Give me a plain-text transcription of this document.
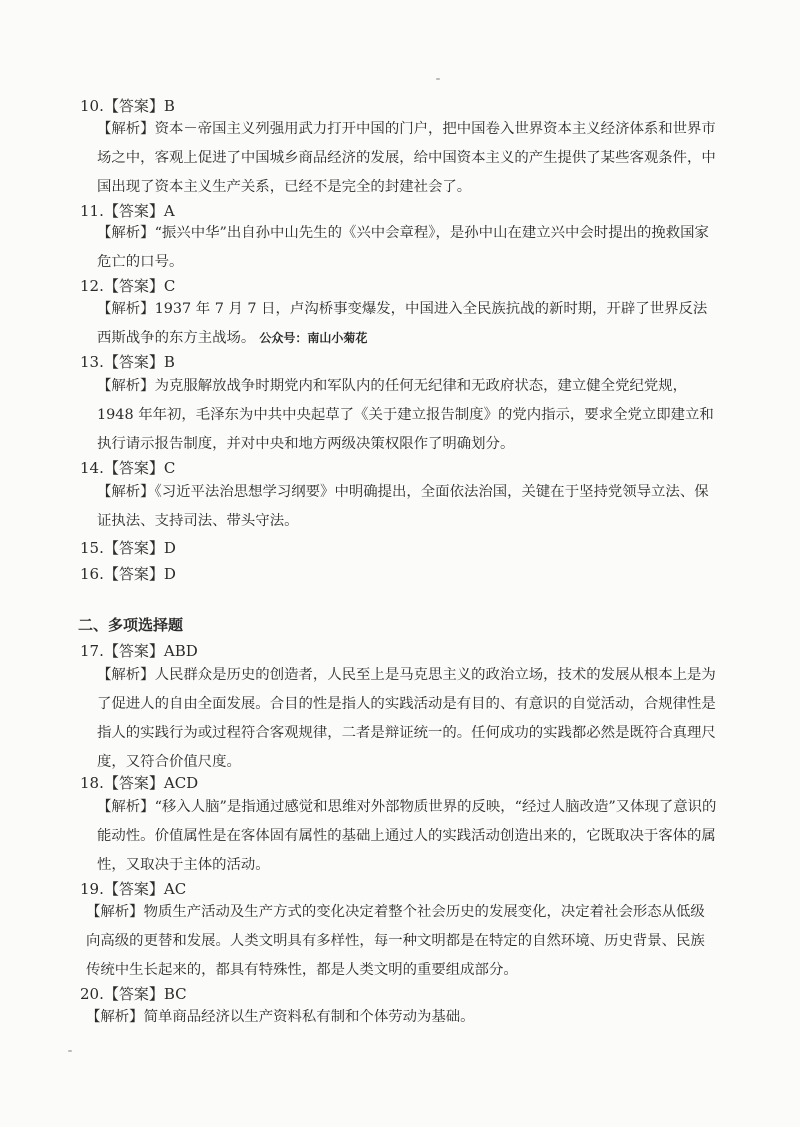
10.【答案】B
【解析】资本－帝国主义列强用武力打开中国的门户，把中国卷入世界资本主义经济体系和世界市场之中，客观上促进了中国城乡商品经济的发展，给中国资本主义的产生提供了某些客观条件，中国出现了资本主义生产关系，已经不是完全的封建社会了。
11.【答案】A
【解析】“振兴中华”出自孙中山先生的《兴中会章程》，是孙中山在建立兴中会时提出的挽救国家危亡的口号。
12.【答案】C
【解析】1937 年 7 月 7 日，卢沟桥事变爆发，中国进入全民族抗战的新时期，开辟了世界反法西斯战争的东方主战场。 公众号：南山小菊花
13.【答案】B
【解析】为克服解放战争时期党内和军队内的任何无纪律和无政府状态，建立健全党纪党规，1948 年年初，毛泽东为中共中央起草了《关于建立报告制度》的党内指示，要求全党立即建立和执行请示报告制度，并对中央和地方两级决策权限作了明确划分。
14.【答案】C
【解析】《习近平法治思想学习纲要》中明确提出，全面依法治国，关键在于坚持党领导立法、保证执法、支持司法、带头守法。
15.【答案】D
16.【答案】D
二、多项选择题
17.【答案】ABD
【解析】人民群众是历史的创造者，人民至上是马克思主义的政治立场，技术的发展从根本上是为了促进人的自由全面发展。合目的性是指人的实践活动是有目的、有意识的自觉活动，合规律性是指人的实践行为或过程符合客观规律，二者是辩证统一的。任何成功的实践都必然是既符合真理尺度，又符合价值尺度。
18.【答案】ACD
【解析】“移入人脑”是指通过感觉和思维对外部物质世界的反映，“经过人脑改造”又体现了意识的能动性。价值属性是在客体固有属性的基础上通过人的实践活动创造出来的，它既取决于客体的属性，又取决于主体的活动。
19.【答案】AC
【解析】物质生产活动及生产方式的变化决定着整个社会历史的发展变化，决定着社会形态从低级向高级的更替和发展。人类文明具有多样性，每一种文明都是在特定的自然环境、历史背景、民族传统中生长起来的，都具有特殊性，都是人类文明的重要组成部分。
20.【答案】BC
【解析】简单商品经济以生产资料私有制和个体劳动为基础。
